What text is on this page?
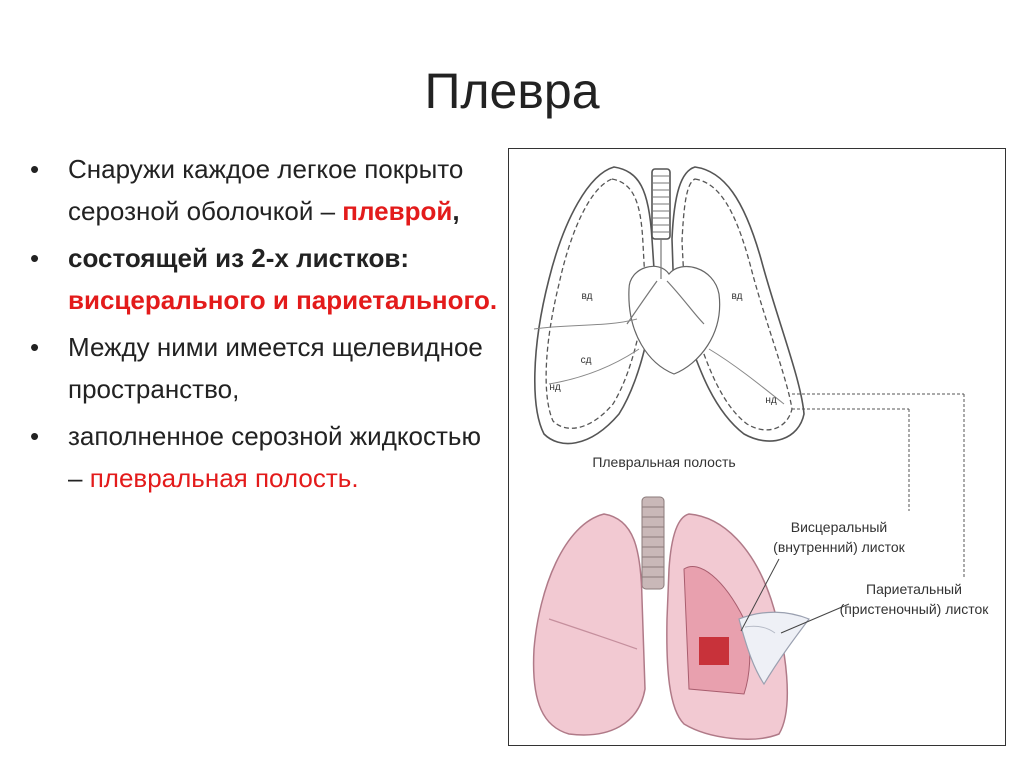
Плевра
• Снаружи каждое легкое покрыто серозной оболочкой – плеврой,
• состоящей из 2-х листков: висцерального и париетального.
• Между ними имеется щелевидное пространство,
• заполненное серозной жидкостью – плевральная полость.
вд	вд
сд
нд
нд
Плевральная полость
Висцеральный
(внутренний) листок
Париетальный
(пристеночный) листок
